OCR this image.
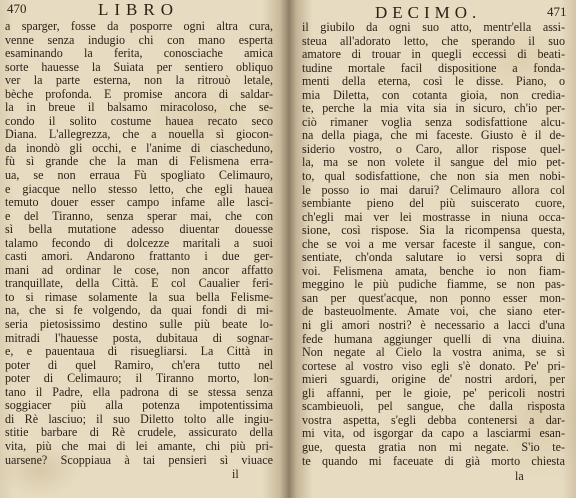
470	LIBRO
a sparger, fosse da posporre ogni altra cura,
venne senza indugio chi con mano esperta
esaminando la ferita, conosciache amica
sorte hauesse la Suiata per sentiero obliquo
ver la parte esterna, non la ritrouò letale,
bèche profonda. E promise ancora di saldar-
la in breue il balsamo miracoloso, che se-
condo il solito costume hauea recato seco
Diana. L'allegrezza, che a nouella sì giocon-
da inondò gli occhi, e l'anime di ciascheduno,
fù sì grande che la man di Felismena erra-
ua, se non erraua Fù spogliato Celimauro,
e giacque nello stesso letto, che egli hauea
temuto douer esser campo infame alle lasci-
e del Tiranno, senza sperar mai, che con
sì bella mutatione adesso diuentar douesse
talamo fecondo di dolcezze maritali a suoi
casti amori. Andarono frattanto i due ger-
mani ad ordinar le cose, non ancor affatto
tranquillate, della Città. E col Caualier feri-
to si rimase solamente la sua bella Felisme-
na, che si fe volgendo, da quai fondi di mi-
seria pietosissimo destino sulle più beate lo-
mitradi l'hauesse posta, dubitaua di sognar-
e, e pauentaua di risuegliarsi. La Città in
poter di quel Ramiro, ch'era tutto nel
poter di Celimauro; il Tiranno morto, lon-
tano il Padre, ella padrona di se stessa senza
soggiacer più alla potenza impotentissima
di Rè lasciuo; il suo Diletto tolto alle ingiu-
stitie barbare di Rè crudele, assicurato della
vita, più che mai di lei amante, chi più pri-
uarsene? Scoppiaua à tai pensieri sì viuace
il
DECIMO.	471
il giubilo da ogni suo atto, mentr'ella assi-
steua all'adorato letto, che sperando il suo
amatore di trouar in quegli eccessi di beati-
tudine mortale facil dispositione a fonda-
menti della eterna, così le disse. Piano, o
mia Diletta, con cotanta gioia, non credia-
te, perche la mia vita sia in sicuro, ch'io per-
ciò rimaner voglia senza sodisfattione alcu-
na della piaga, che mi faceste. Giusto è il de-
siderio vostro, o Caro, allor rispose quel-
la, ma se non volete il sangue del mio pet-
to, qual sodisfattione, che non sia men nobi-
le posso io mai darui? Celimauro allora col
sembiante pieno del più suiscerato cuore,
ch'egli mai ver lei mostrasse in niuna occa-
sione, così rispose. Sia la ricompensa questa,
che se voi a me versar faceste il sangue, con-
sentiate, ch'onda salutare io versi sopra di
voi. Felismena amata, benche io non fiam-
meggino le più pudiche fiamme, se non pas-
san per quest'acque, non ponno esser mon-
de basteuolmente. Amate voi, che siano eter-
ni gli amori nostri? è necessario a lacci d'una
fede humana aggiunger quelli di vna diuina.
Non negate al Cielo la vostra anima, se sì
cortese al vostro viso egli s'è donato. Pe' pri-
mieri sguardi, origine de' nostri ardori, per
gli affanni, per le gioie, pe' pericoli nostri
scambieuoli, pel sangue, che dalla risposta
vostra aspetta, s'egli debba contenersi a dar-
mi vita, od isgorgar da capo a lasciarmi esan-
gue, questa gratia non mi negate. S'io te-
te quando mi faceuate di già morto chiesta
la
